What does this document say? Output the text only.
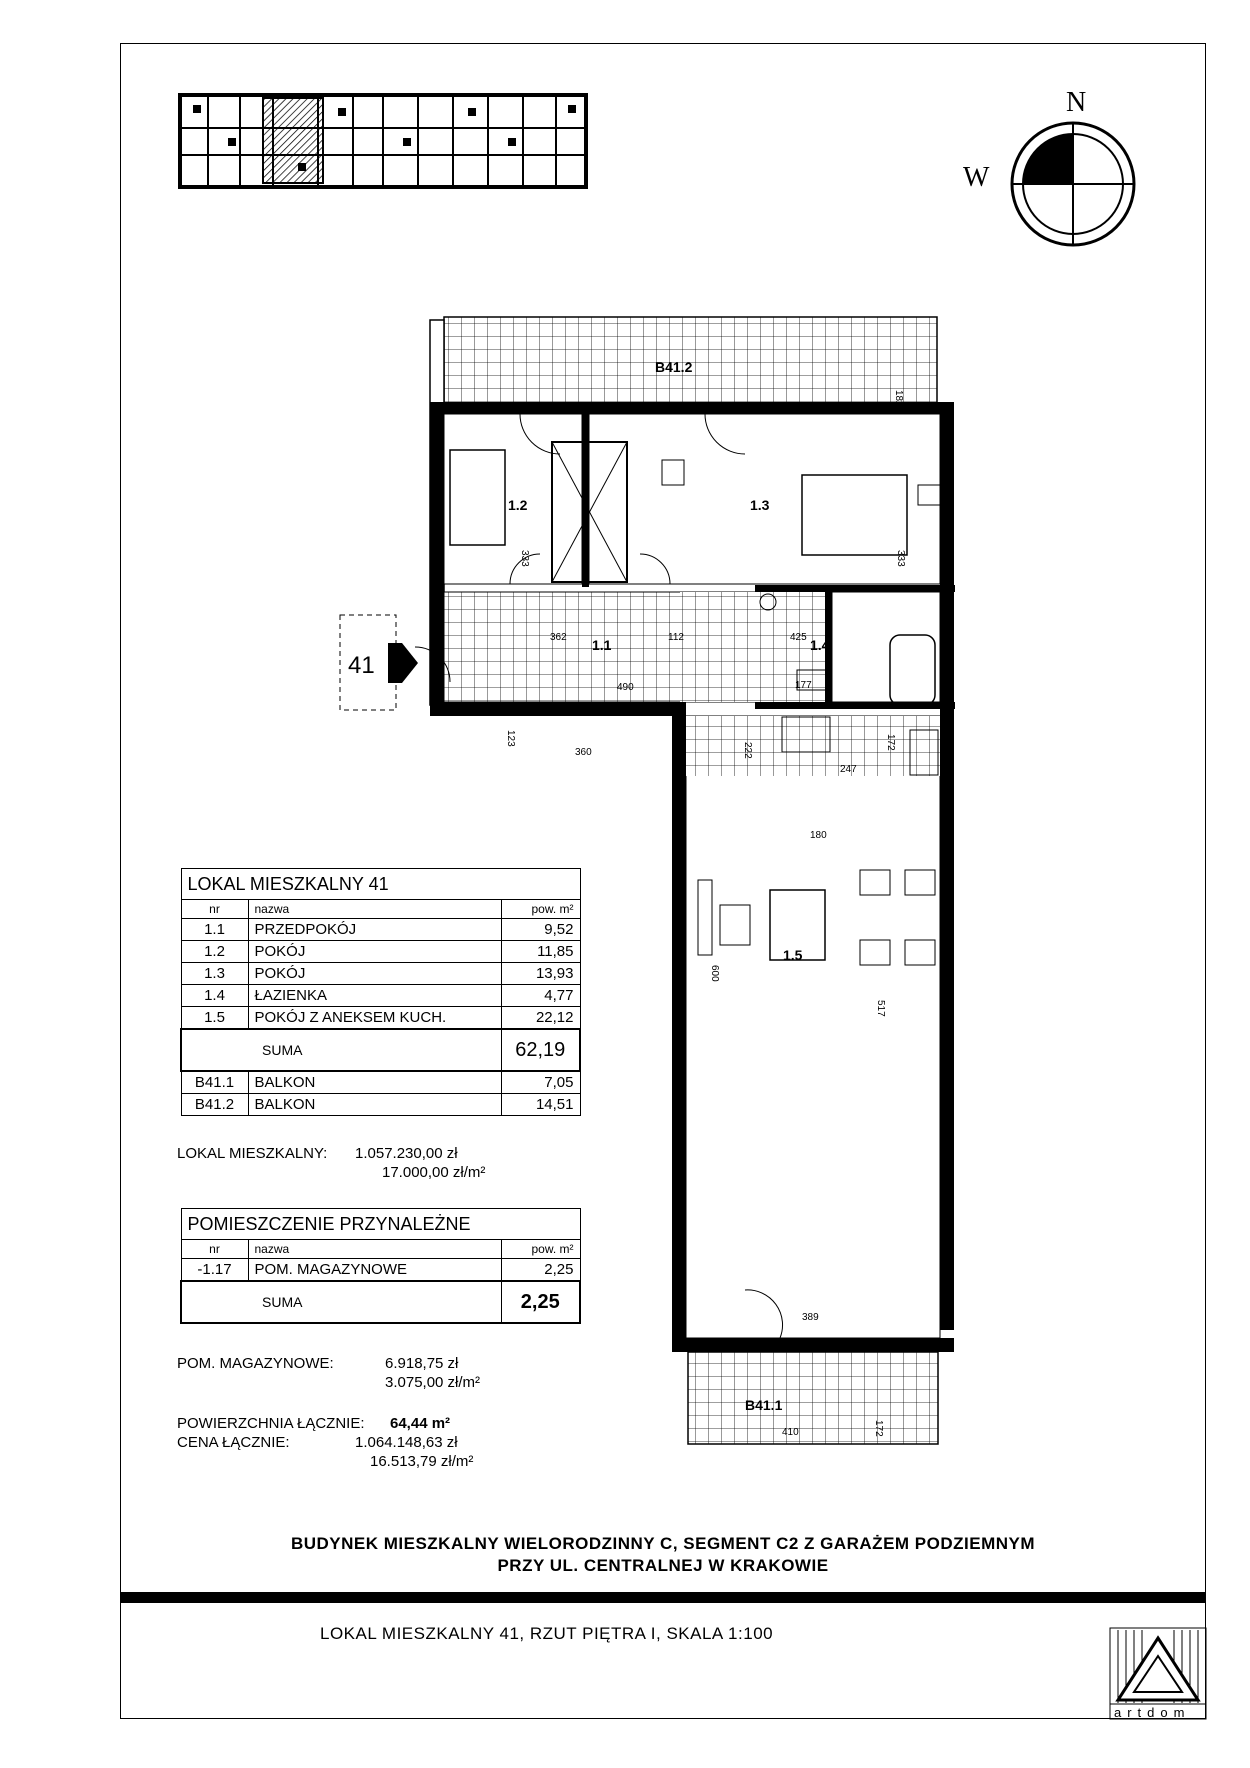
N
W
41
1.2	1.3
1.1	1.4
1.5
B41.1
B41.2
794
182
333
362	112
333
425
490
123
360
177
222	172
247
180
600
517
389
410	172
LOKAL MIESZKALNY 41		
nr	nazwa	pow. m²
1.1	PRZEDPOKÓJ	9,52
1.2	POKÓJ	11,85
1.3	POKÓJ	13,93
1.4	ŁAZIENKA	4,77
1.5	POKÓJ Z ANEKSEM KUCH.	22,12
SUMA		62,19
B41.1	BALKON	7,05
B41.2	BALKON	14,51
LOKAL MIESZKALNY: 1.057.230,00 zł
17.000,00 zł/m²
POMIESZCZENIE PRZYNALEŻNE		
nr	nazwa	pow. m²
-1.17	POM. MAGAZYNOWE	2,25
SUMA		2,25
POM. MAGAZYNOWE:	6.918,75 zł
3.075,00 zł/m²
POWIERZCHNIA ŁĄCZNIE: 64,44 m²
CENA ŁĄCZNIE:	1.064.148,63 zł
16.513,79 zł/m²
BUDYNEK MIESZKALNY WIELORODZINNY C, SEGMENT C2 Z GARAŻEM PODZIEMNYM
PRZY UL. CENTRALNEJ W KRAKOWIE
LOKAL MIESZKALNY 41, RZUT PIĘTRA I, SKALA 1:100
artdom
